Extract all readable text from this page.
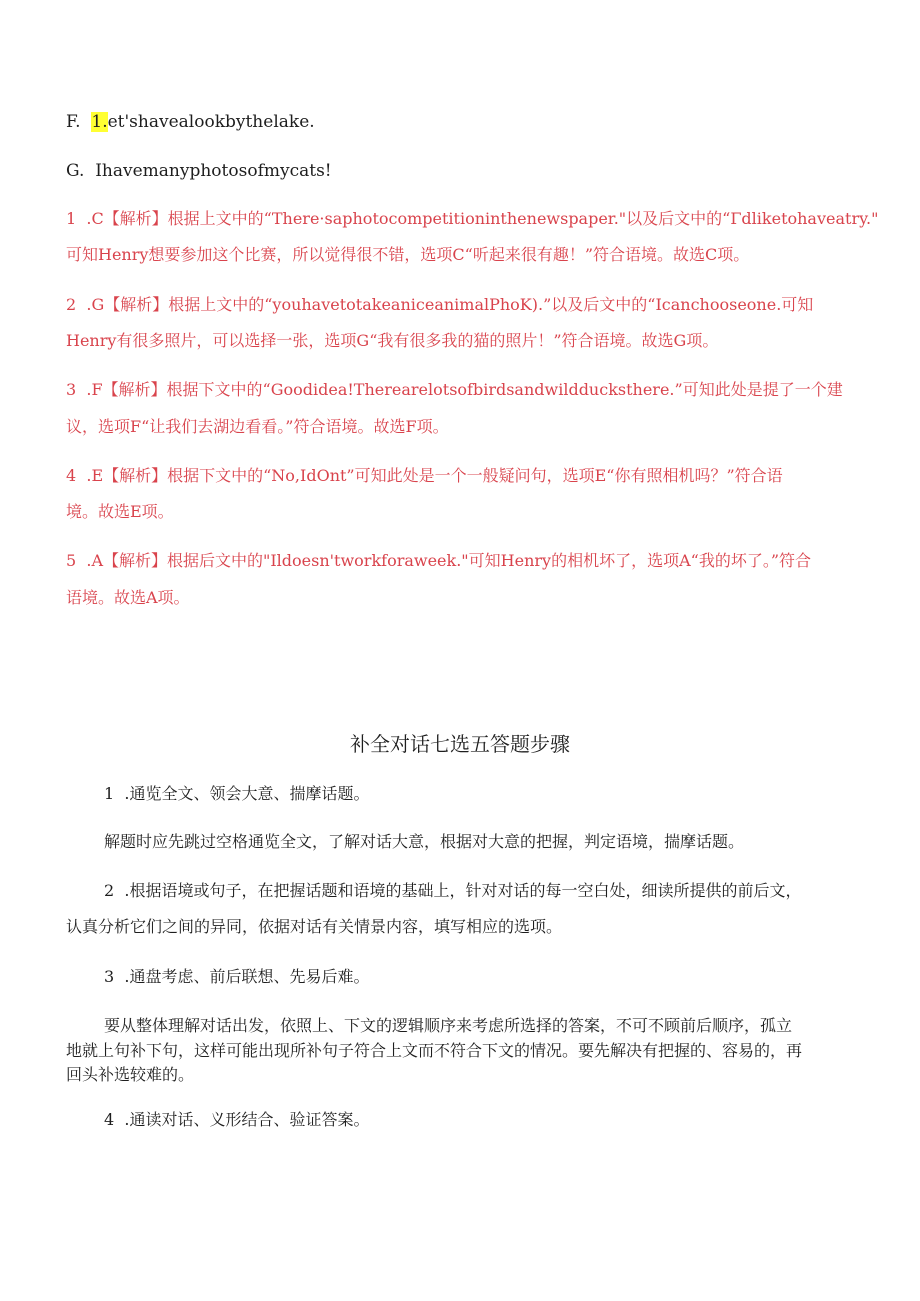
F. 1.et'shavealookbythelake.
G. Ihavemanyphotosofmycats!
1  .C【解析】根据上文中的“There·saphotocompetitioninthenewspaper."以及后文中的“Γdliketohaveatry."
可知Henry想要参加这个比赛，所以觉得很不错，选项C“听起来很有趣！”符合语境。故选C项。
2  .G【解析】根据上文中的“youhavetotakeaniceanimalPhoK).”以及后文中的“Icanchooseone.可知
Henry有很多照片，可以选择一张，选项G“我有很多我的猫的照片！”符合语境。故选G项。
3  .F【解析】根据下文中的“Goodidea!Therearelotsofbirdsandwildducksthere.”可知此处是提了一个建
议，选项F“让我们去湖边看看。”符合语境。故选F项。
4  .E【解析】根据下文中的“No,IdOnt”可知此处是一个一般疑问句，选项E“你有照相机吗？”符合语
境。故选E项。
5  .A【解析】根据后文中的"Ildoesn'tworkforaweek."可知Henry的相机坏了，选项A“我的坏了。”符合
语境。故选A项。
补全对话七选五答题步骤
1  .通览全文、领会大意、揣摩话题。
解题时应先跳过空格通览全文，了解对话大意，根据对大意的把握，判定语境，揣摩话题。
2  .根据语境或句子，在把握话题和语境的基础上，针对对话的每一空白处，细读所提供的前后文，
认真分析它们之间的异同，依据对话有关情景内容，填写相应的选项。
3  .通盘考虑、前后联想、先易后难。
要从整体理解对话出发，依照上、下文的逻辑顺序来考虑所选择的答案，不可不顾前后顺序，孤立
地就上句补下句，这样可能出现所补句子符合上文而不符合下文的情况。要先解决有把握的、容易的，再
回头补选较难的。
4  .通读对话、义形结合、验证答案。
